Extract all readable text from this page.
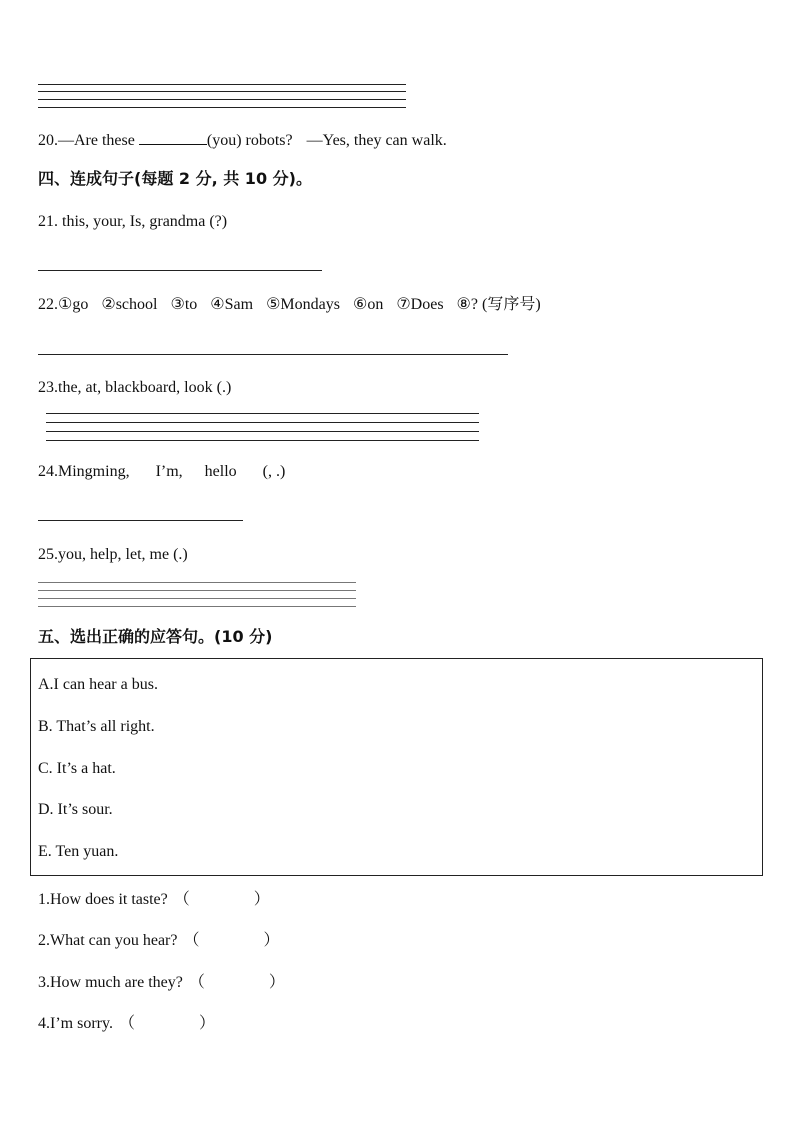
20.—Are these	(you) robots? —Yes, they can walk.
四、连成句子(每题 2 分, 共 10 分)。
21. this, your, Is, grandma (?)
22.①go ②school ③to ④Sam ⑤Mondays ⑥on ⑦Does ⑧? (写序号)
23.the, at, blackboard, look (.)
24.Mingming, I’m, hello (, .)
25.you, help, let, me (.)
五、选出正确的应答句。(10 分)
A.I can hear a bus.
B. That’s all right.
C. It’s a hat.
D. It’s sour.
E. Ten yuan.
1.How does it taste? （　　　　）
2.What can you hear? （　　　　）
3.How much are they? （　　　　）
4.I’m sorry. （　　　　）
